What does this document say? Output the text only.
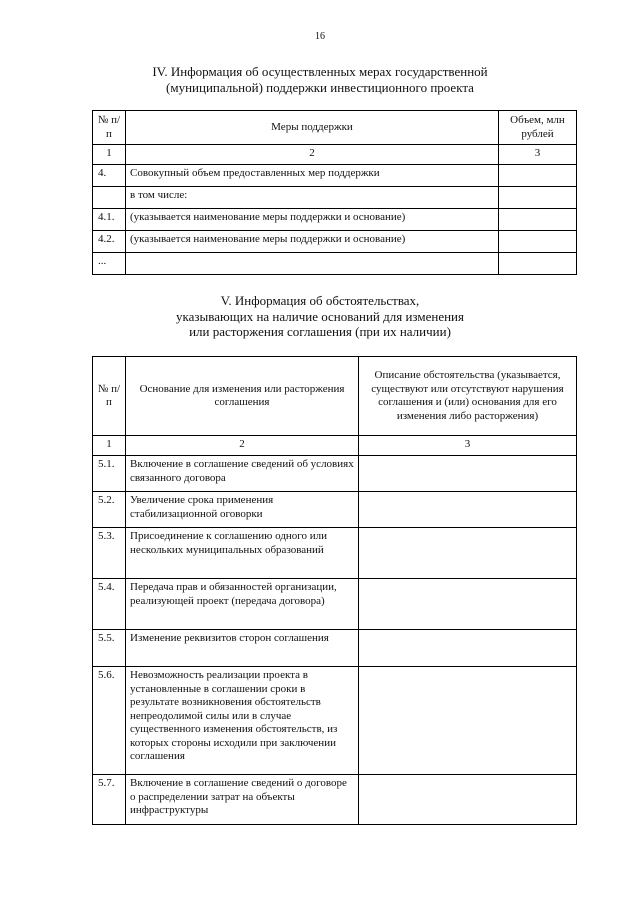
16
IV. Информация об осуществленных мерах государственной
(муниципальной) поддержки инвестиционного проекта
№ п/п	Меры поддержки	Объем, млн рублей
1	2	3
4.	Совокупный объем предоставленных мер поддержки	
	в том числе:	
4.1.	(указывается наименование меры поддержки и основание)	
4.2.	(указывается наименование меры поддержки и основание)	
...		
V. Информация об обстоятельствах,
указывающих на наличие оснований для изменения
или расторжения соглашения (при их наличии)
№ п/п	Основание для изменения или расторжения соглашения	Описание обстоятельства (указывается, существуют или отсутствуют нарушения соглашения и (или) основания для его изменения либо расторжения)
1	2	3
5.1.	Включение в соглашение сведений об условиях связанного договора	
5.2.	Увеличение срока применения стабилизационной оговорки	
5.3.	Присоединение к соглашению одного или нескольких муниципальных образований	
5.4.	Передача прав и обязанностей организации, реализующей проект (передача договора)	
5.5.	Изменение реквизитов сторон соглашения	
5.6.	Невозможность реализации проекта в установленные в соглашении сроки в результате возникновения обстоятельств непреодолимой силы или в случае существенного изменения обстоятельств, из которых стороны исходили при заключении соглашения	
5.7.	Включение в соглашение сведений о договоре о распределении затрат на объекты инфраструктуры	
